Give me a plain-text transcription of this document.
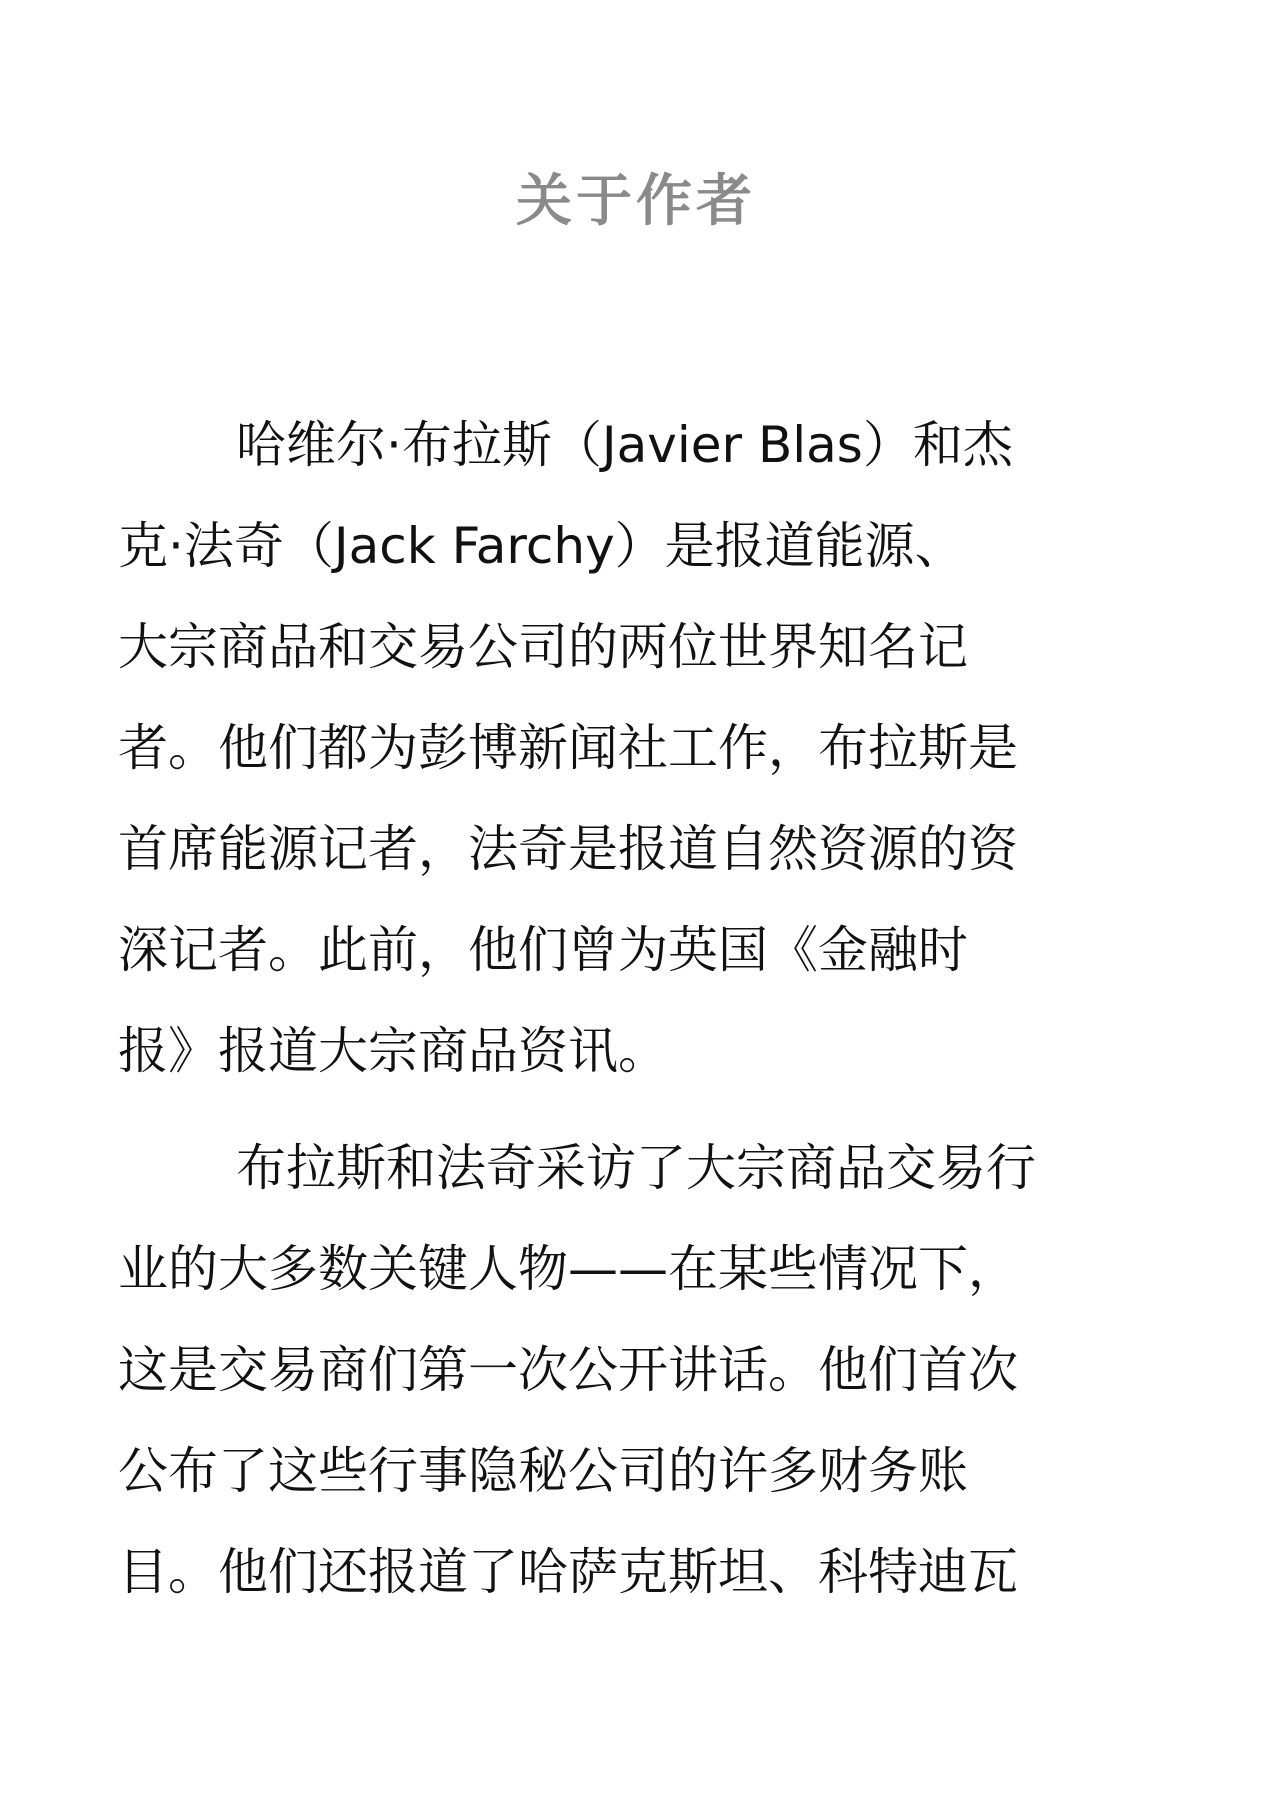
关于作者
哈维尔·布拉斯（Javier Blas）和杰
克·法奇（Jack Farchy）是报道能源、
大宗商品和交易公司的两位世界知名记
者。他们都为彭博新闻社工作，布拉斯是
首席能源记者，法奇是报道自然资源的资
深记者。此前，他们曾为英国《金融时
报》报道大宗商品资讯。
布拉斯和法奇采访了大宗商品交易行
业的大多数关键人物——在某些情况下，
这是交易商们第一次公开讲话。他们首次
公布了这些行事隐秘公司的许多财务账
目。他们还报道了哈萨克斯坦、科特迪瓦
